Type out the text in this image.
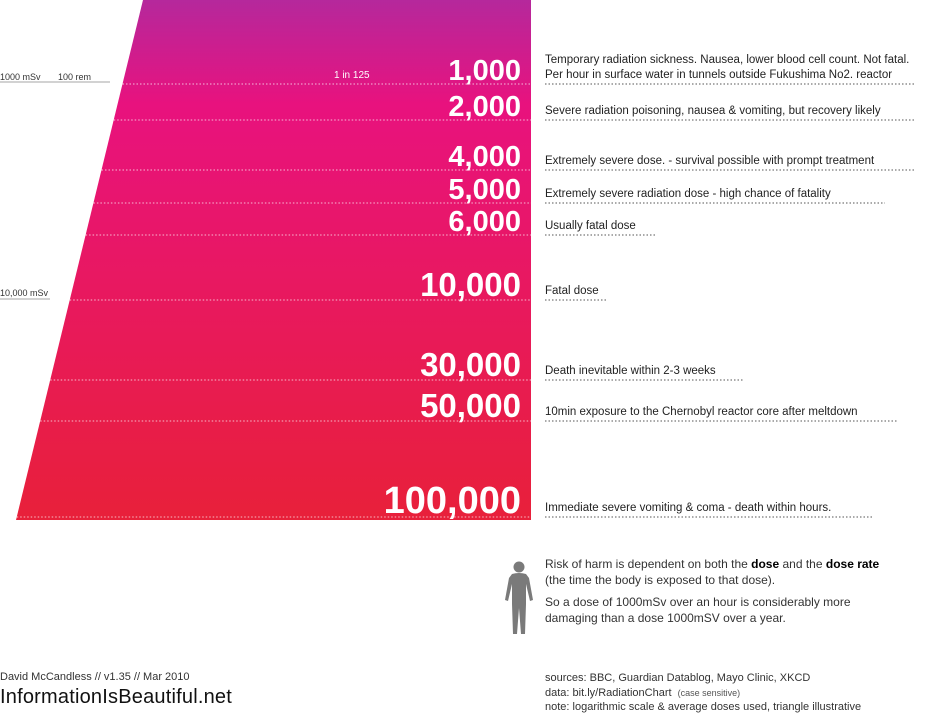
1,000 Temporary radiation sickness. Nausea, lower blood cell count. Not fatal.
Per hour in surface water in tunnels outside Fukushima No2. reactor
2,000 Severe radiation poisoning, nausea & vomiting, but recovery likely
4,000 Extremely severe dose. - survival possible with prompt treatment
5,000 Extremely severe radiation dose - high chance of fatality
6,000 Usually fatal dose
10,000 Fatal dose
30,000 Death inevitable within 2-3 weeks
50,000 10min exposure to the Chernobyl reactor core after meltdown
100,000 Immediate severe vomiting & coma - death within hours.
1000 mSv 100 rem
10,000 mSv
1 in 125

Risk of harm is dependent on both the dose and the dose rate (the time the body is exposed to that dose).

So a dose of 1000mSv over an hour is considerably more damaging than a dose 1000mSV over a year.

David McCandless // v1.35 // Mar 2010
InformationIsBeautiful.net
sources: BBC, Guardian Datablog, Mayo Clinic, XKCD
data: bit.ly/RadiationChart (case sensitive)
note: logarithmic scale & average doses used, triangle illustrative
